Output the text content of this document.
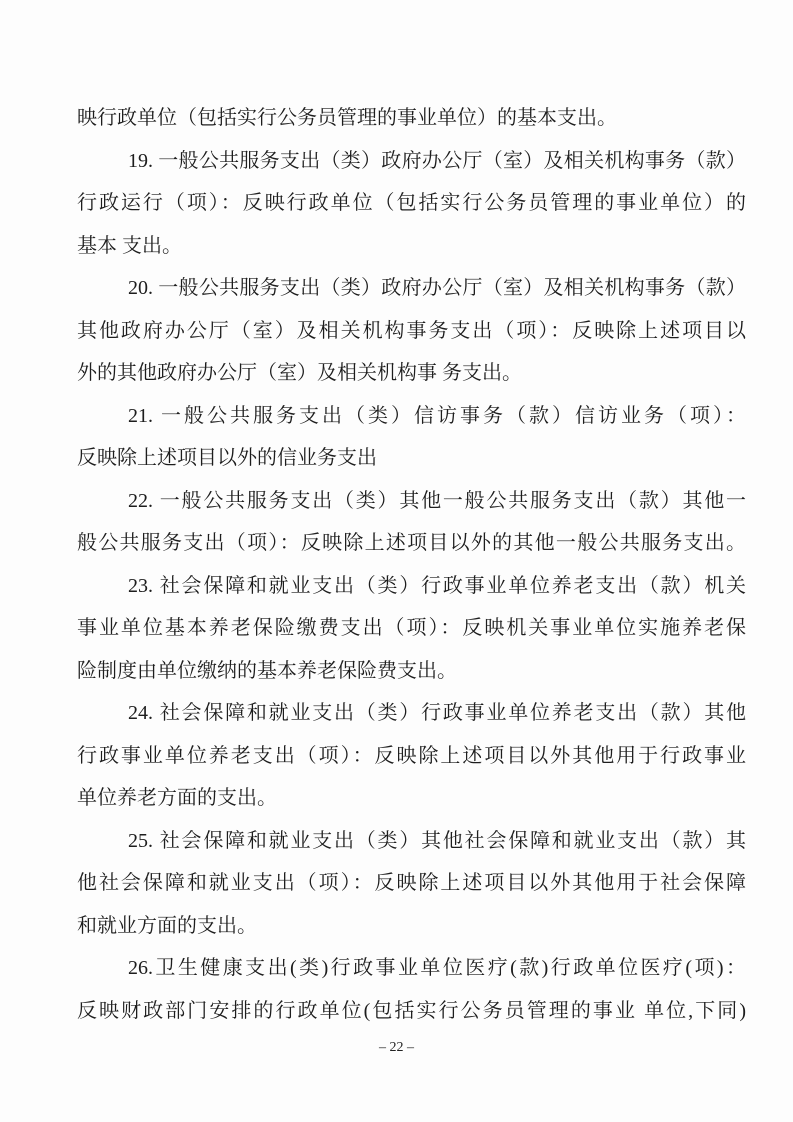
映行政单位（包括实行公务员管理的事业单位）的基本支出。
19. 一般公共服务支出（类）政府办公厅（室）及相关机构事务（款）
行政运行（项）：反映行政单位（包括实行公务员管理的事业单位）的
基本 支出。
20. 一般公共服务支出（类）政府办公厅（室）及相关机构事务（款）
其他政府办公厅（室）及相关机构事务支出（项）：反映除上述项目以
外的其他政府办公厅（室）及相关机构事 务支出。
21. 一般公共服务支出（类）信访事务（款）信访业务（项）：
反映除上述项目以外的信业务支出
22. 一般公共服务支出（类）其他一般公共服务支出（款）其他一
般公共服务支出（项）：反映除上述项目以外的其他一般公共服务支出。
23. 社会保障和就业支出（类）行政事业单位养老支出（款）机关
事业单位基本养老保险缴费支出（项）：反映机关事业单位实施养老保
险制度由单位缴纳的基本养老保险费支出。
24. 社会保障和就业支出（类）行政事业单位养老支出（款）其他
行政事业单位养老支出（项）：反映除上述项目以外其他用于行政事业
单位养老方面的支出。
25. 社会保障和就业支出（类）其他社会保障和就业支出（款）其
他社会保障和就业支出（项）：反映除上述项目以外其他用于社会保障
和就业方面的支出。
26.卫生健康支出(类)行政事业单位医疗(款)行政单位医疗(项)：
反映财政部门安排的行政单位(包括实行公务员管理的事业 单位,下同)
– 22 –
